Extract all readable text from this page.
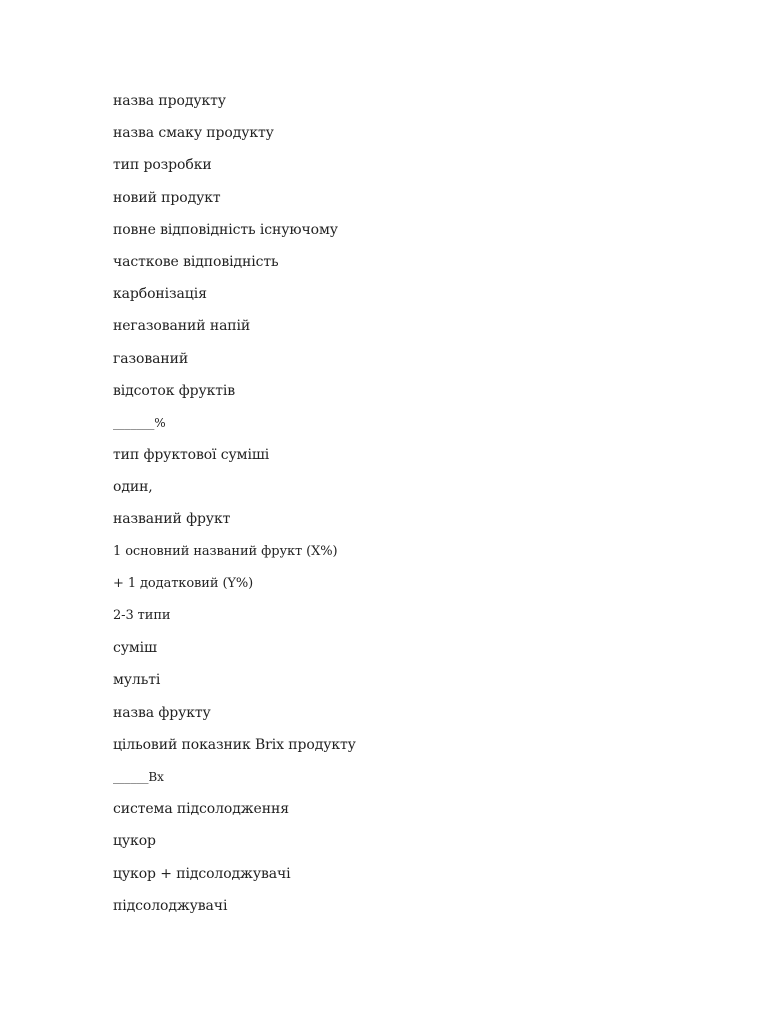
назва продукту
назва смаку продукту
тип розробки
новий продукт
повне відповідність існуючому
часткове відповідність
карбонізація
негазований напій
газований
відсоток фруктів
_______%
тип фруктової суміші
один,
названий фрукт
1 основний названий фрукт (X%)
+ 1 додатковий (Y%)
2-3 типи
суміш
мульті
назва фрукту
цільовий показник Brix продукту
______Bx
система підсолодження
цукор
цукор + підсолоджувачі
підсолоджувачі
